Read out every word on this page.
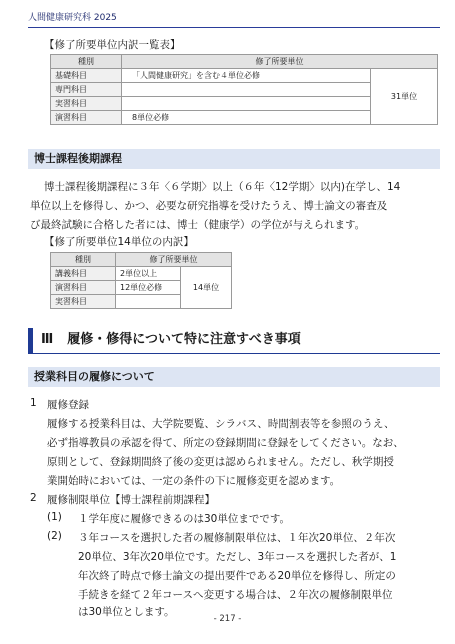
人間健康研究科 2025
【修了所要単位内訳一覧表】
種別	修了所要単位	
基礎科目	「人間健康研究」を含む４単位必修	31単位
専門科目		
実習科目		
演習科目	8単位必修	
博士課程後期課程
博士課程後期課程に３年〈６学期〉以上（６年〈12学期〉以内)在学し、14
単位以上を修得し、かつ、必要な研究指導を受けたうえ、博士論文の審査及
び最終試験に合格した者には、博士（健康学）の学位が与えられます。
【修了所要単位14単位の内訳】
種別	修了所要単位	
講義科目	2単位以上	14単位
演習科目	12単位必修	
実習科目		
Ⅲ 履修・修得について特に注意すべき事項
授業科目の履修について
1 履修登録
履修する授業科目は、大学院要覧、シラバス、時間割表等を参照のうえ、
必ず指導教員の承認を得て、所定の登録期間に登録をしてください。なお、
原則として、登録期間終了後の変更は認められません。ただし、秋学期授
業開始時においては、一定の条件の下に履修変更を認めます。
2 履修制限単位【博士課程前期課程】
(1) １学年度に履修できるのは30単位までです。
(2) ３年コースを選択した者の履修制限単位は、１年次20単位、２年次
20単位、3年次20単位です。ただし、3年コースを選択した者が、1
年次終了時点で修士論文の提出要件である20単位を修得し、所定の
手続きを経て２年コースへ変更する場合は、２年次の履修制限単位
は30単位とします。
- 217 -
